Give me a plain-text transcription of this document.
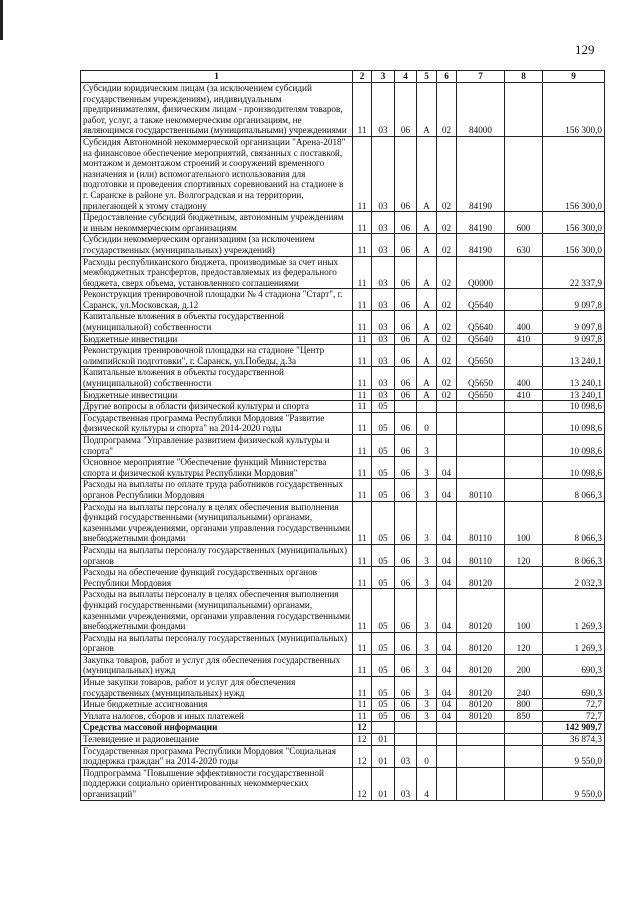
129
1	2	3	4	5	6	7	8	9
Субсидии юридическим лицам (за исключением субсидий государственным учреждениям), индивидуальным предпринимателям, физическим лицам - производителям товаров, работ, услуг, а также некоммерческим организациям, не являющимся государственными (муниципальными) учреждениями	11	03	06	А	02	84000		156 300,0
Субсидия Автономной некоммерческой организации "Арена-2018" на финансовое обеспечение мероприятий, связанных с поставкой, монтажом и демонтажом строений и сооружений временного назначения и (или) вспомогательного использования для подготовки и проведения спортивных соревнований на стадионе в г. Саранске в районе ул. Волгоградская и на территории, прилегающей к этому стадиону	11	03	06	А	02	84190		156 300,0
Предоставление субсидий бюджетным, автономным учреждениям и иным некоммерческим организациям	11	03	06	А	02	84190	600	156 300,0
Субсидии некоммерческим организациям (за исключением государственных (муниципальных) учреждений)	11	03	06	А	02	84190	630	156 300,0
Расходы республиканского бюджета, производимые за счет иных межбюджетных трансфертов, предоставляемых из федерального бюджета, сверх объема, установленного соглашениями	11	03	06	А	02	Q0000		22 337,9
Реконструкция тренировочной площадки № 4 стадиона "Старт", г. Саранск, ул.Московская, д.12	11	03	06	А	02	Q5640		9 097,8
Капитальные вложения в объекты государственной (муниципальной) собственности	11	03	06	А	02	Q5640	400	9 097,8
Бюджетные инвестиции	11	03	06	А	02	Q5640	410	9 097,8
Реконструкция тренировочной площадки на стадионе "Центр олимпийской подготовки", г. Саранск, ул.Победы, д.3а	11	03	06	А	02	Q5650		13 240,1
Капитальные вложения в объекты государственной (муниципальной) собственности	11	03	06	А	02	Q5650	400	13 240,1
Бюджетные инвестиции	11	03	06	А	02	Q5650	410	13 240,1
Другие вопросы в области физической культуры и спорта	11	05						10 098,6
Государственная программа Республики Мордовия "Развитие физической культуры и спорта" на 2014-2020 годы	11	05	06	0				10 098,6
Подпрограмма "Управление развитием физической культуры и спорта"	11	05	06	3				10 098,6
Основное мероприятие "Обеспечение функций Министерства спорта и физической культуры Республики Мордовия"	11	05	06	3	04			10 098,6
Расходы на выплаты по оплате труда работников государственных органов Республики Мордовия	11	05	06	3	04	80110		8 066,3
Расходы на выплаты персоналу в целях обеспечения выполнения функций государственными (муниципальными) органами, казенными учреждениями, органами управления государственными внебюджетными фондами	11	05	06	3	04	80110	100	8 066,3
Расходы на выплаты персоналу государственных (муниципальных) органов	11	05	06	3	04	80110	120	8 066,3
Расходы на обеспечение функций государственных органов Республики Мордовия	11	05	06	3	04	80120		2 032,3
Расходы на выплаты персоналу в целях обеспечения выполнения функций государственными (муниципальными) органами, казенными учреждениями, органами управления государственными внебюджетными фондами	11	05	06	3	04	80120	100	1 269,3
Расходы на выплаты персоналу государственных (муниципальных) органов	11	05	06	3	04	80120	120	1 269,3
Закупка товаров, работ и услуг для обеспечения государственных (муниципальных) нужд	11	05	06	3	04	80120	200	690,3
Иные закупки товаров, работ и услуг для обеспечения государственных (муниципальных) нужд	11	05	06	3	04	80120	240	690,3
Иные бюджетные ассигнования	11	05	06	3	04	80120	800	72,7
Уплата налогов, сборов и иных платежей	11	05	06	3	04	80120	850	72,7
Средства массовой информации	12							142 909,7
Телевидение и радиовещание	12	01						36 874,3
Государственная программа Республики Мордовия "Социальная поддержка граждан" на 2014-2020 годы	12	01	03	0				9 550,0
Подпрограмма "Повышение эффективности государственной поддержки социально ориентированных некоммерческих организаций"	12	01	03	4				9 550,0
